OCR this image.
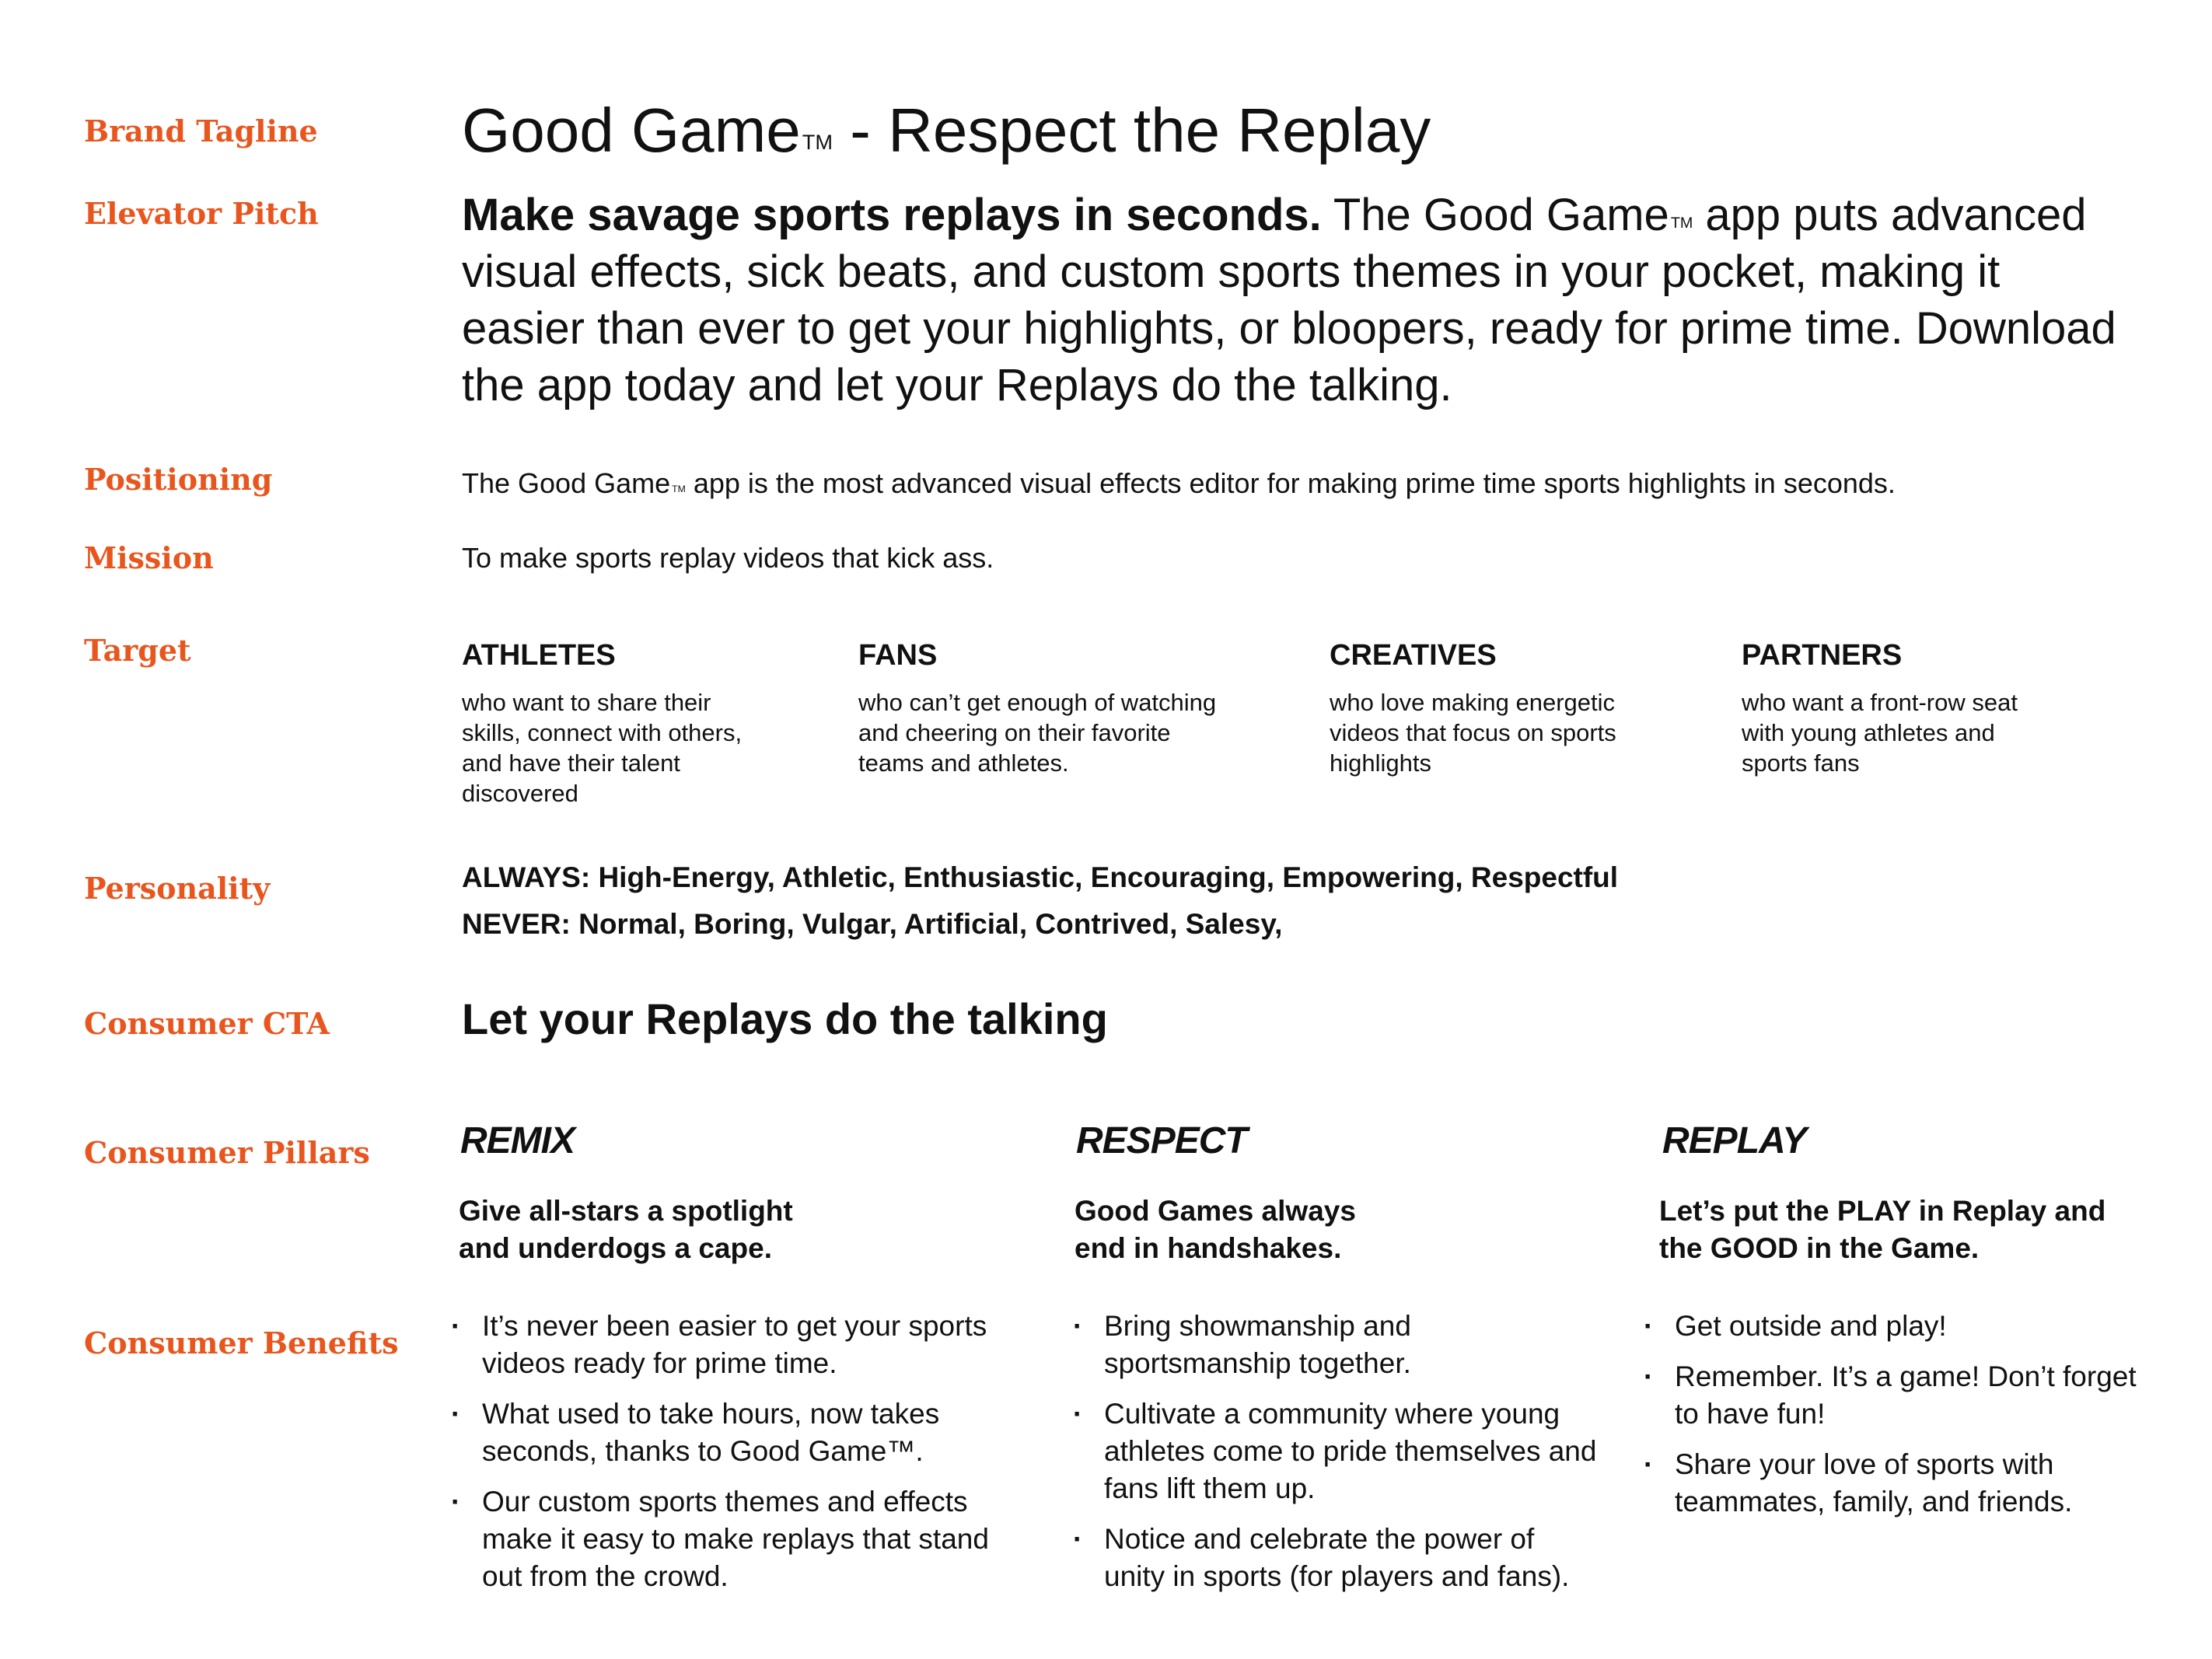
Brand Tagline
Elevator Pitch
Positioning
Mission
Target
Personality
Consumer CTA
Consumer Pillars
Consumer Benefits
Good Game™ - Respect the Replay
Make savage sports replays in seconds. The Good Game ™ app puts advanced visual effects, sick beats, and custom sports themes in your pocket, making it easier than ever to get your highlights, or bloopers, ready for prime time. Download the app today and let your Replays do the talking.
The Good Game ™ app is the most advanced visual effects editor for making prime time sports highlights in seconds.
To make sports replay videos that kick ass.
ATHLETES
who want to share their skills, connect with others, and have their talent discovered
FANS
who can’t get enough of watching and cheering on their favorite teams and athletes.
CREATIVES
who love making energetic videos that focus on sports highlights
PARTNERS
who want a front-row seat with young athletes and sports fans
ALWAYS: High-Energy, Athletic, Enthusiastic, Encouraging, Empowering, Respectful
NEVER: Normal, Boring, Vulgar, Artificial, Contrived, Salesy,
Let your Replays do the talking
REMIX
Give all-stars a spotlight and underdogs a cape.
RESPECT
Good Games always end in handshakes.
REPLAY
Let’s put the PLAY in Replay and the GOOD in the Game.
· It’s never been easier to get your sports videos ready for prime time.
· What used to take hours, now takes seconds, thanks to Good Game™.
· Our custom sports themes and effects make it easy to make replays that stand out from the crowd.
· Bring showmanship and sportsmanship together.
· Cultivate a community where young athletes come to pride themselves and fans lift them up.
· Notice and celebrate the power of unity in sports (for players and fans).
· Get outside and play!
· Remember. It’s a game! Don’t forget to have fun!
· Share your love of sports with teammates, family, and friends.
